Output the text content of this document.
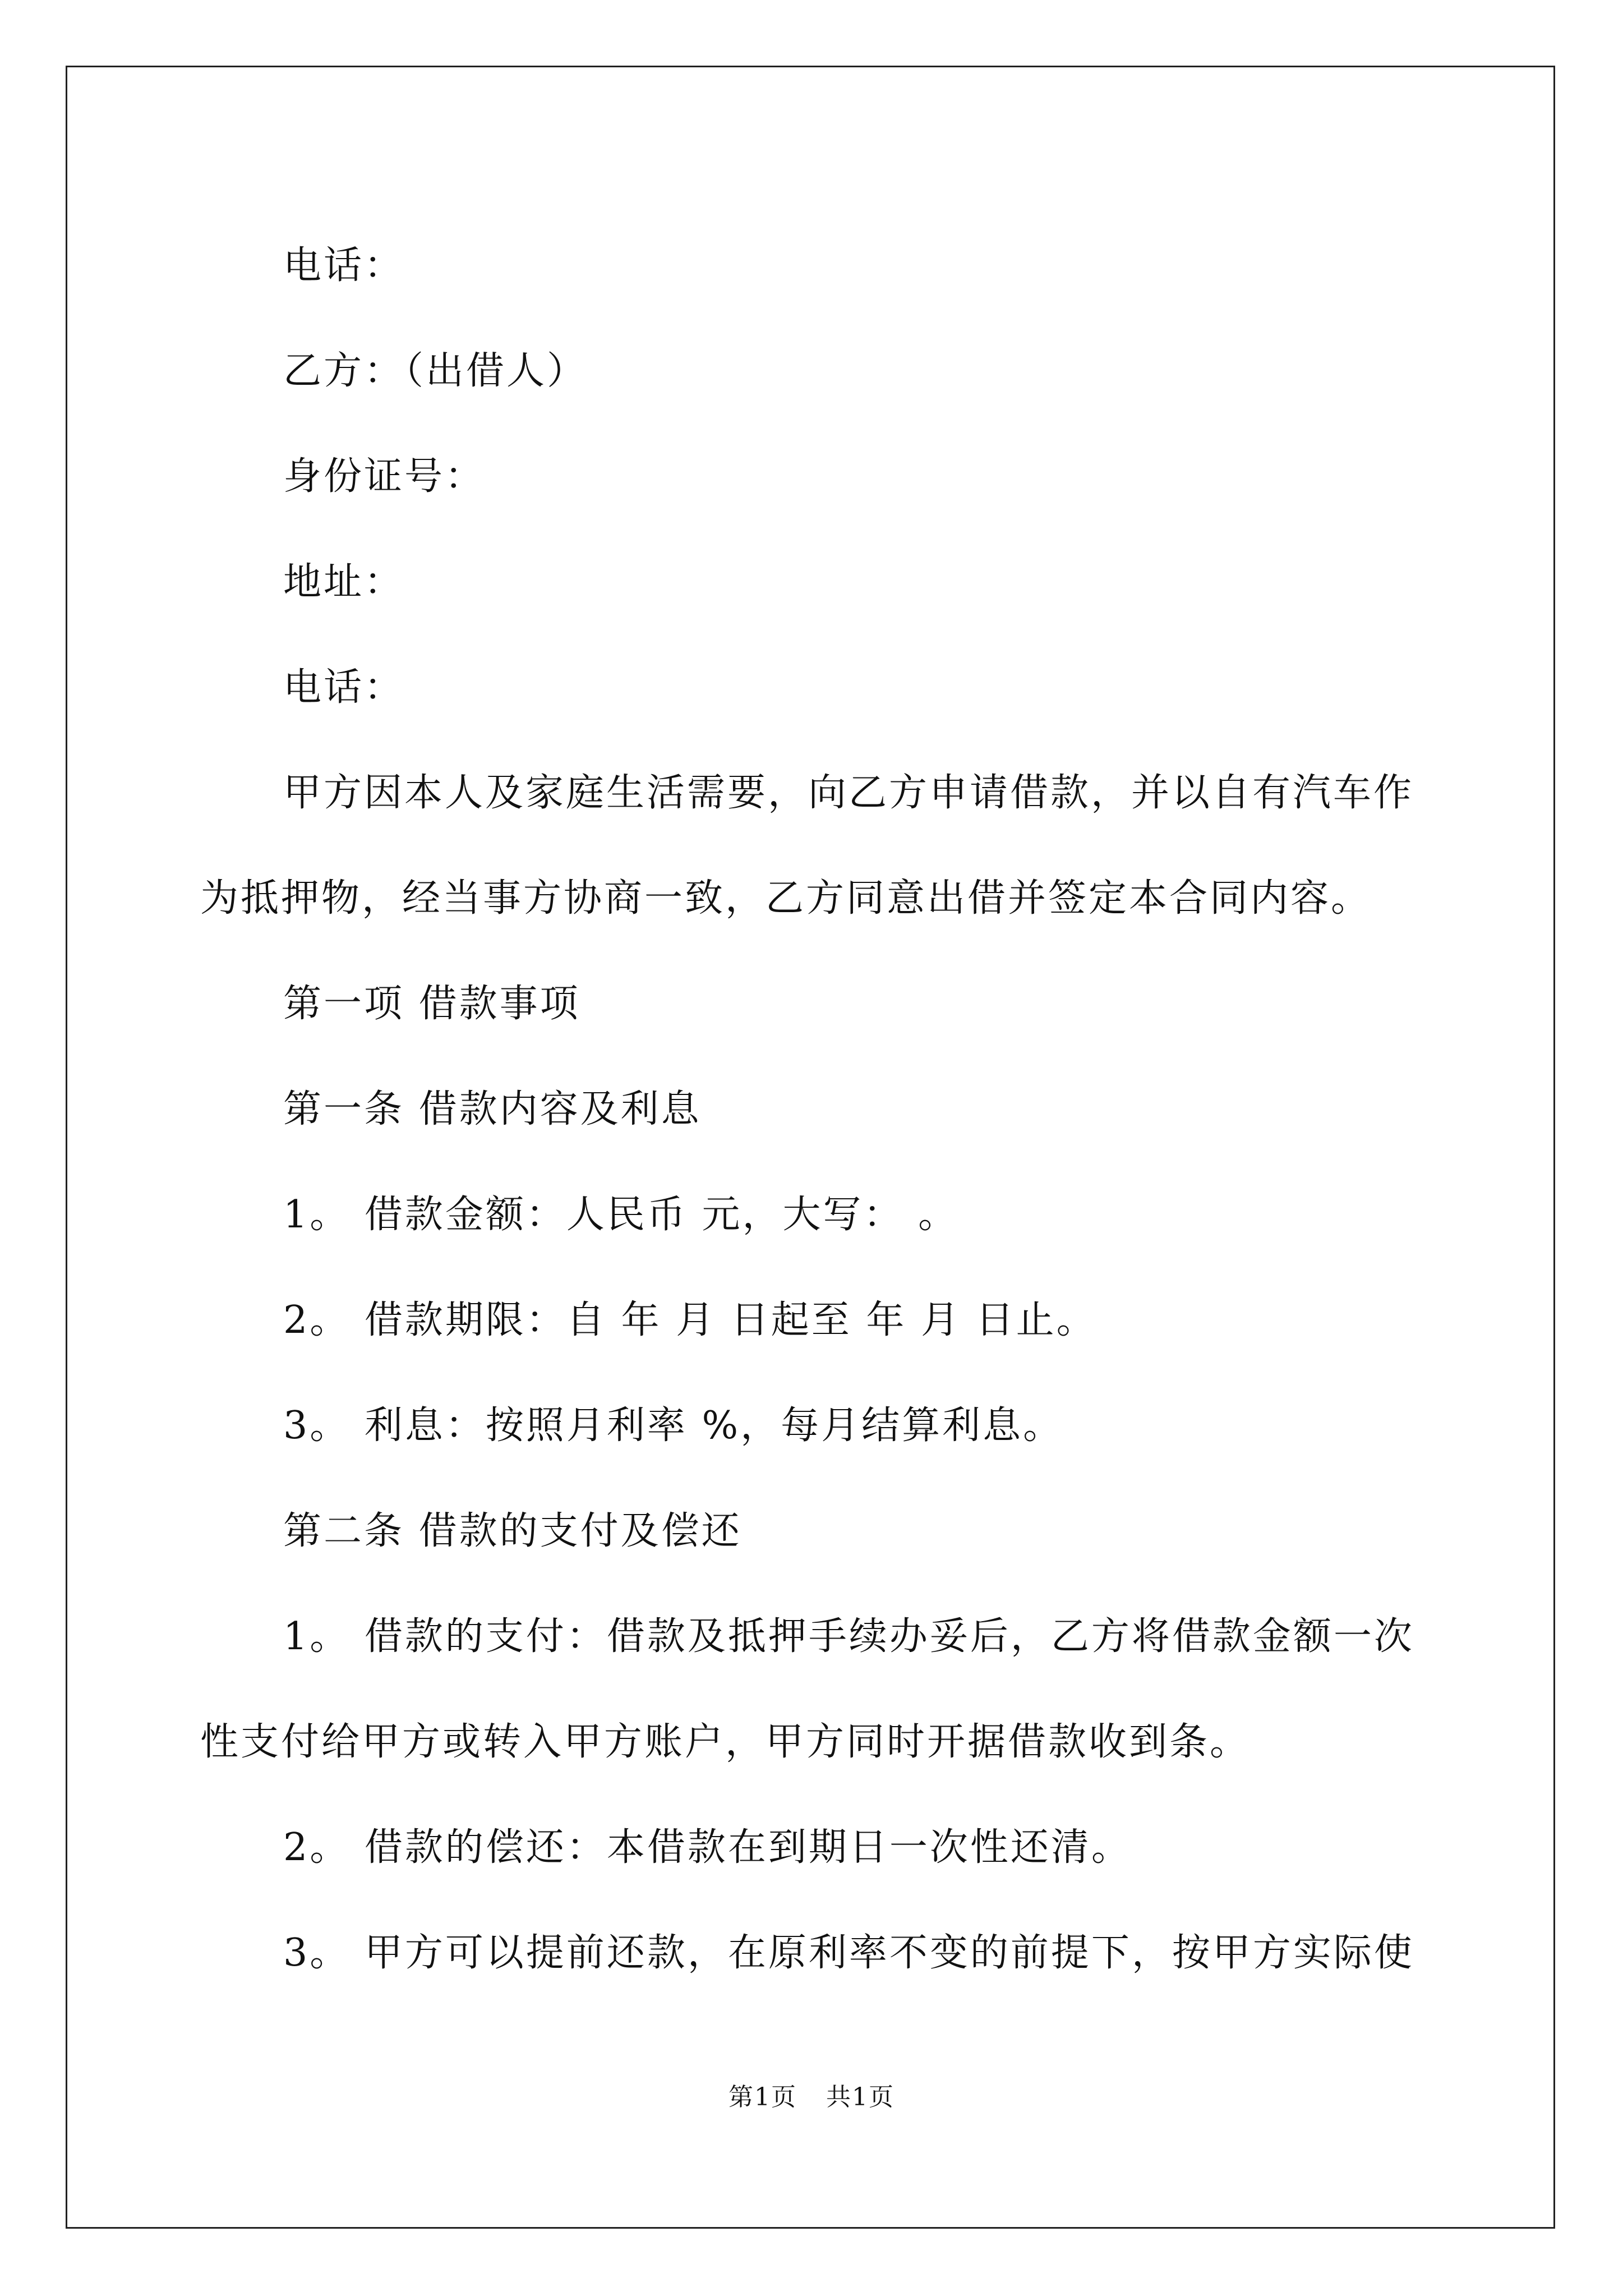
电话：
乙方：（出借人）
身份证号：
地址：
电话：
甲方因本人及家庭生活需要，向乙方申请借款，并以自有汽车作
为抵押物，经当事方协商一致，乙方同意出借并签定本合同内容。
第一项 借款事项
第一条 借款内容及利息
1。 借款金额：人民币 元，大写： 。
2。 借款期限：自 年 月 日起至 年 月 日止。
3。 利息：按照月利率 %，每月结算利息。
第二条 借款的支付及偿还
1。 借款的支付：借款及抵押手续办妥后，乙方将借款金额一次
性支付给甲方或转入甲方账户，甲方同时开据借款收到条。
2。 借款的偿还：本借款在到期日一次性还清。
3。 甲方可以提前还款，在原利率不变的前提下，按甲方实际使
第1页 共1页
